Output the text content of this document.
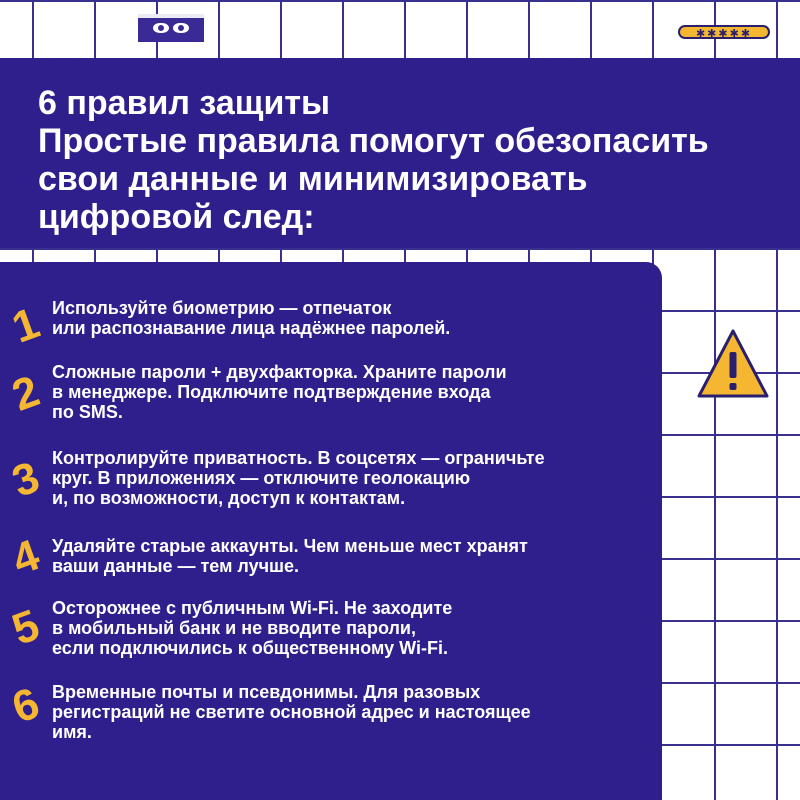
✱✱✱✱✱
6 правил защиты
Простые правила помогут обезопасить
свои данные и минимизировать
цифровой след:
1 Используйте биометрию — отпечаток
или распознавание лица надёжнее паролей.

2 Сложные пароли + двухфакторка. Храните пароли
в менеджере. Подключите подтверждение входа
по SMS.

3 Контролируйте приватность. В соцсетях — ограничьте
круг. В приложениях — отключите геолокацию
и, по возможности, доступ к контактам.

4 Удаляйте старые аккаунты. Чем меньше мест хранят
ваши данные — тем лучше.

5 Осторожнее с публичным Wi-Fi. Не заходите
в мобильный банк и не вводите пароли,
если подключились к общественному Wi-Fi.

6 Временные почты и псевдонимы. Для разовых
регистраций не светите основной адрес и настоящее
имя.
